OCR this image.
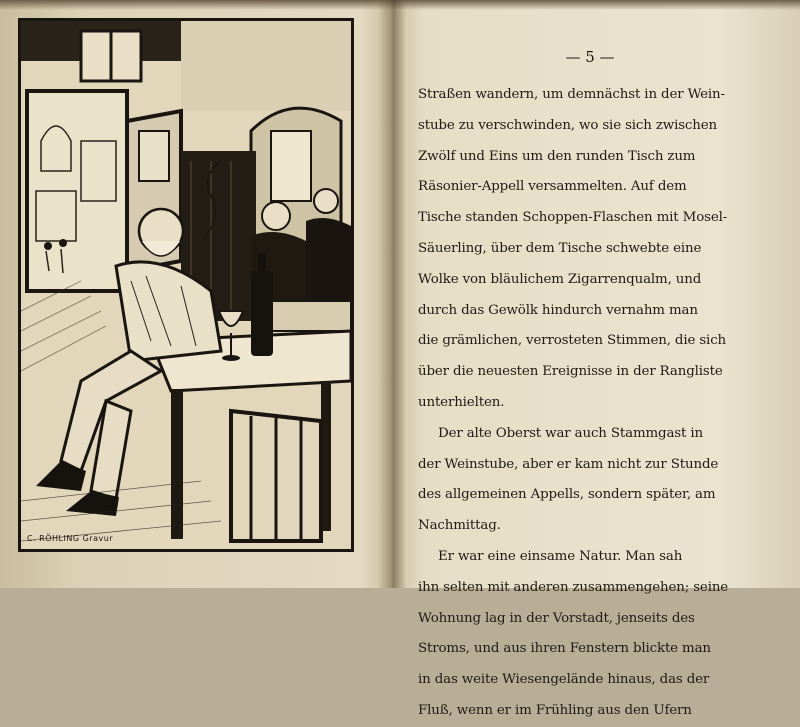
C. RÖHLING Gravur
— 5 —
Straßen wandern, um demnächst in der Wein-
stube zu verschwinden, wo sie sich zwischen
Zwölf und Eins um den runden Tisch zum
Räsonier-Appell versammelten. Auf dem
Tische standen Schoppen-Flaschen mit Mosel-
Säuerling, über dem Tische schwebte eine
Wolke von bläulichem Zigarrenqualm, und
durch das Gewölk hindurch vernahm man
die grämlichen, verrosteten Stimmen, die sich
über die neuesten Ereignisse in der Rangliste
unterhielten.
Der alte Oberst war auch Stammgast in
der Weinstube, aber er kam nicht zur Stunde
des allgemeinen Appells, sondern später, am
Nachmittag.
Er war eine einsame Natur. Man sah
ihn selten mit anderen zusammengehen; seine
Wohnung lag in der Vorstadt, jenseits des
Stroms, und aus ihren Fenstern blickte man
in das weite Wiesengelände hinaus, das der
Fluß, wenn er im Frühling aus den Ufern
